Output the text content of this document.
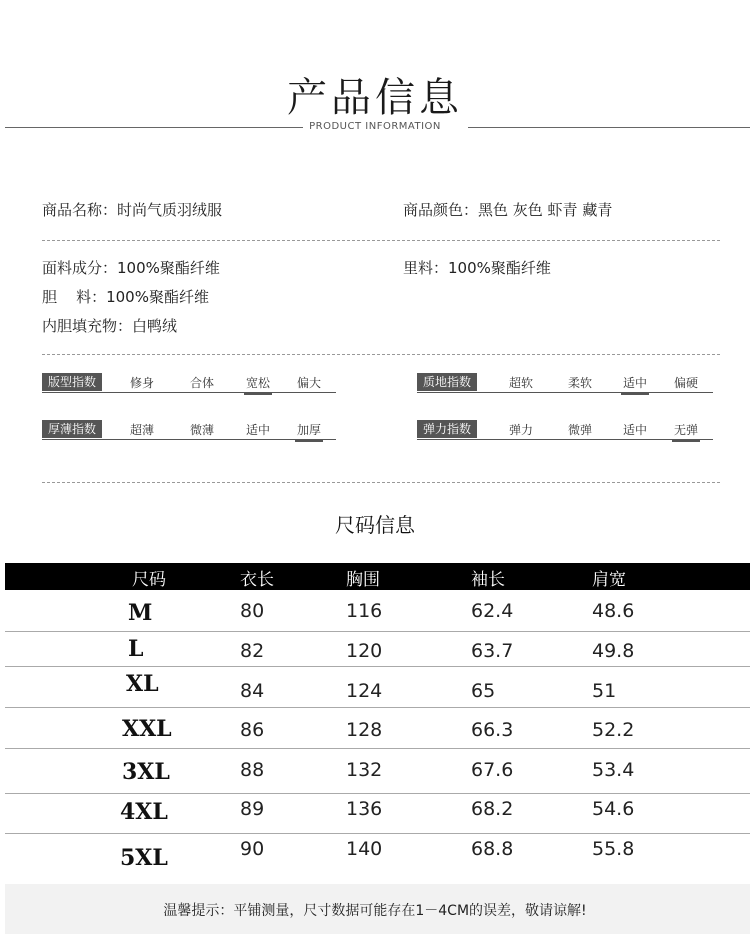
产品信息
PRODUCT INFORMATION
商品名称：时尚气质羽绒服	商品颜色：黑色 灰色 虾青 藏青
面料成分：100%聚酯纤维	里料：100%聚酯纤维
胆    料：100%聚酯纤维
内胆填充物：白鸭绒
版型指数	修身	合体	宽松	偏大	质地指数	超软	柔软	适中	偏硬
厚薄指数	超薄	微薄	适中	加厚	弹力指数	弹力	微弹	适中	无弹
尺码信息
尺码	衣长	胸围	袖长	肩宽
M	80	116	62.4	48.6
L	82	120	63.7	49.8
XL	84	124	65	51
XXL	86	128	66.3	52.2
3XL	88	132	67.6	53.4
4XL	89	136	68.2	54.6
5XL	90	140	68.8	55.8
温馨提示：平铺测量，尺寸数据可能存在1－4CM的误差，敬请谅解!
